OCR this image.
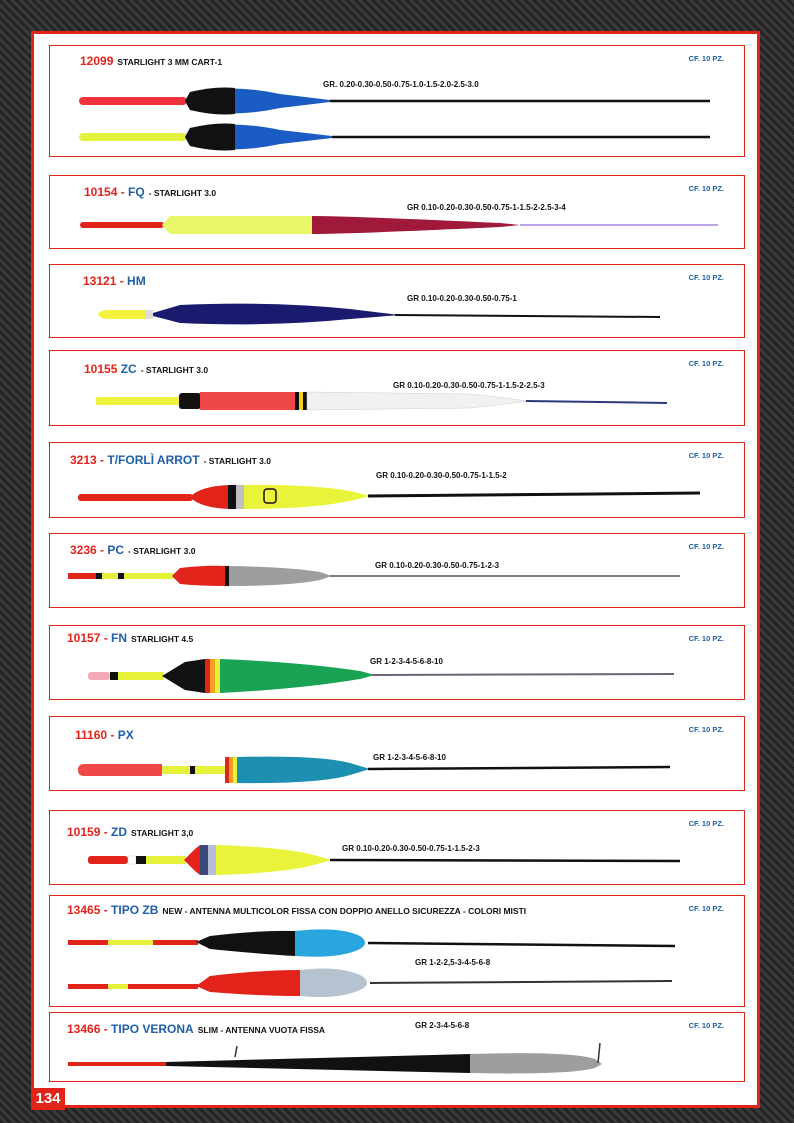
12099 STARLIGHT 3 MM CART-1	CF. 10 PZ.
GR. 0.20-0.30-0.50-0.75-1.0-1.5-2.0-2.5-3.0
10154 - FQ - STARLIGHT 3.0	CF. 10 PZ.
GR 0.10-0.20-0.30-0.50-0.75-1-1.5-2-2.5-3-4
13121 - HM	CF. 10 PZ.
GR 0.10-0.20-0.30-0.50-0.75-1
10155 ZC - STARLIGHT 3.0
CF. 10 PZ.
GR 0.10-0.20-0.30-0.50-0.75-1-1.5-2-2.5-3
3213 - T/FORLÌ ARROT - STARLIGHT 3.0
CF. 10 PZ.
GR 0.10-0.20-0.30-0.50-0.75-1-1.5-2
3236 - PC - STARLIGHT 3.0	CF. 10 PZ.
GR 0.10-0.20-0.30-0.50-0.75-1-2-3
10157 - FN STARLIGHT 4.5	CF. 10 PZ.
GR 1-2-3-4-5-6-8-10
11160 - PX	CF. 10 PZ.
GR 1-2-3-4-5-6-8-10
10159 - ZD STARLIGHT 3,0
CF. 10 PZ.
GR 0.10-0.20-0.30-0.50-0.75-1-1.5-2-3
13465 - TIPO ZB NEW - ANTENNA MULTICOLOR FISSA CON DOPPIO ANELLO SICUREZZA - COLORI MISTI	CF. 10 PZ.
GR 1-2-2,5-3-4-5-6-8
13466 - TIPO VERONA SLIM - ANTENNA VUOTA FISSA	CF. 10 PZ.
GR 2-3-4-5-6-8
134
